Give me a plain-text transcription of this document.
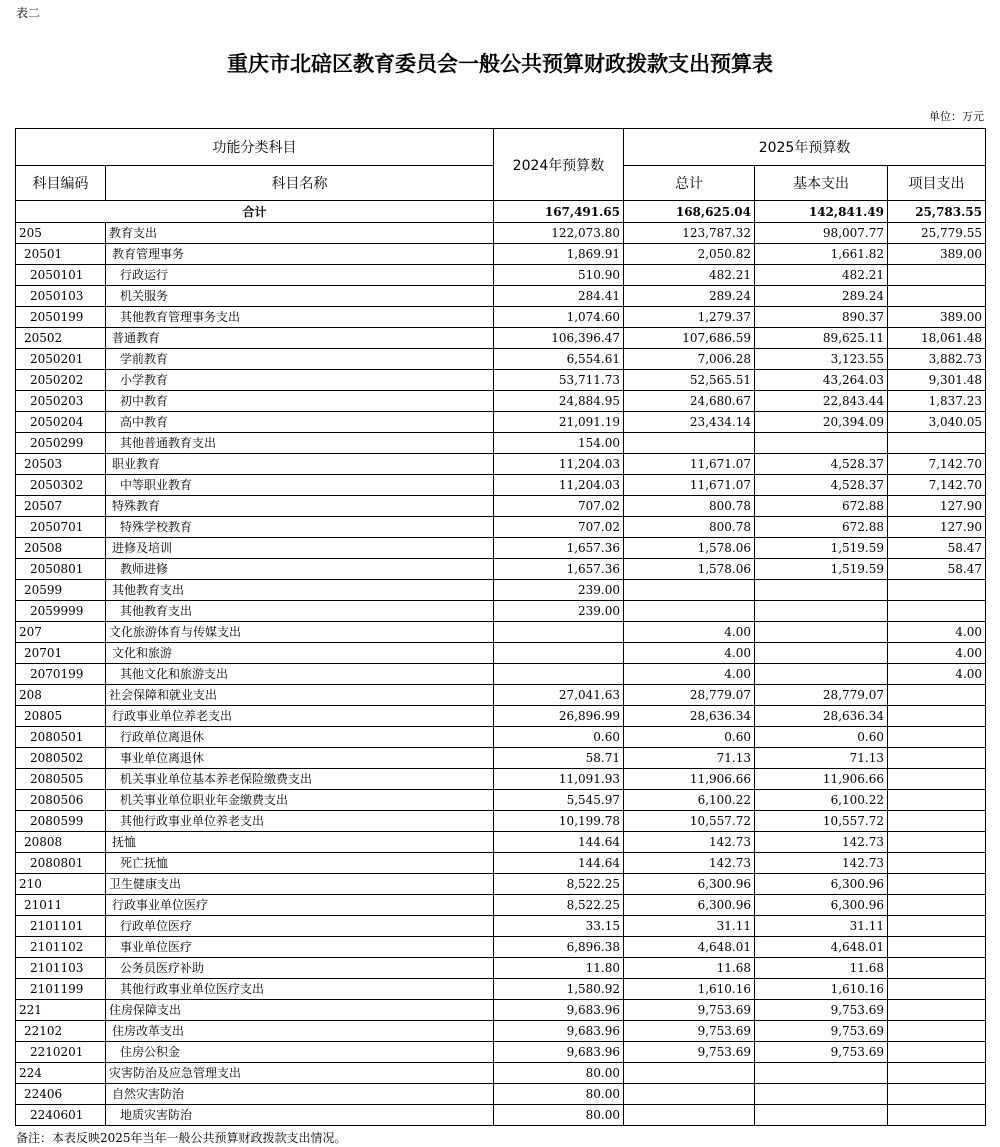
表二
重庆市北碚区教育委员会一般公共预算财政拨款支出预算表
单位：万元
功能分类科目		2024年预算数	2025年预算数		
科目编码	科目名称		总计	基本支出	项目支出
合计		167,491.65	168,625.04	142,841.49	25,783.55
205	教育支出	122,073.80	123,787.32	98,007.77	25,779.55
20501	教育管理事务	1,869.91	2,050.82	1,661.82	389.00
2050101	行政运行	510.90	482.21	482.21	
2050103	机关服务	284.41	289.24	289.24	
2050199	其他教育管理事务支出	1,074.60	1,279.37	890.37	389.00
20502	普通教育	106,396.47	107,686.59	89,625.11	18,061.48
2050201	学前教育	6,554.61	7,006.28	3,123.55	3,882.73
2050202	小学教育	53,711.73	52,565.51	43,264.03	9,301.48
2050203	初中教育	24,884.95	24,680.67	22,843.44	1,837.23
2050204	高中教育	21,091.19	23,434.14	20,394.09	3,040.05
2050299	其他普通教育支出	154.00			
20503	职业教育	11,204.03	11,671.07	4,528.37	7,142.70
2050302	中等职业教育	11,204.03	11,671.07	4,528.37	7,142.70
20507	特殊教育	707.02	800.78	672.88	127.90
2050701	特殊学校教育	707.02	800.78	672.88	127.90
20508	进修及培训	1,657.36	1,578.06	1,519.59	58.47
2050801	教师进修	1,657.36	1,578.06	1,519.59	58.47
20599	其他教育支出	239.00			
2059999	其他教育支出	239.00			
207	文化旅游体育与传媒支出		4.00		4.00
20701	文化和旅游		4.00		4.00
2070199	其他文化和旅游支出		4.00		4.00
208	社会保障和就业支出	27,041.63	28,779.07	28,779.07	
20805	行政事业单位养老支出	26,896.99	28,636.34	28,636.34	
2080501	行政单位离退休	0.60	0.60	0.60	
2080502	事业单位离退休	58.71	71.13	71.13	
2080505	机关事业单位基本养老保险缴费支出	11,091.93	11,906.66	11,906.66	
2080506	机关事业单位职业年金缴费支出	5,545.97	6,100.22	6,100.22	
2080599	其他行政事业单位养老支出	10,199.78	10,557.72	10,557.72	
20808	抚恤	144.64	142.73	142.73	
2080801	死亡抚恤	144.64	142.73	142.73	
210	卫生健康支出	8,522.25	6,300.96	6,300.96	
21011	行政事业单位医疗	8,522.25	6,300.96	6,300.96	
2101101	行政单位医疗	33.15	31.11	31.11	
2101102	事业单位医疗	6,896.38	4,648.01	4,648.01	
2101103	公务员医疗补助	11.80	11.68	11.68	
2101199	其他行政事业单位医疗支出	1,580.92	1,610.16	1,610.16	
221	住房保障支出	9,683.96	9,753.69	9,753.69	
22102	住房改革支出	9,683.96	9,753.69	9,753.69	
2210201	住房公积金	9,683.96	9,753.69	9,753.69	
224	灾害防治及应急管理支出	80.00			
22406	自然灾害防治	80.00			
2240601	地质灾害防治	80.00			
备注：本表反映2025年当年一般公共预算财政拨款支出情况。
